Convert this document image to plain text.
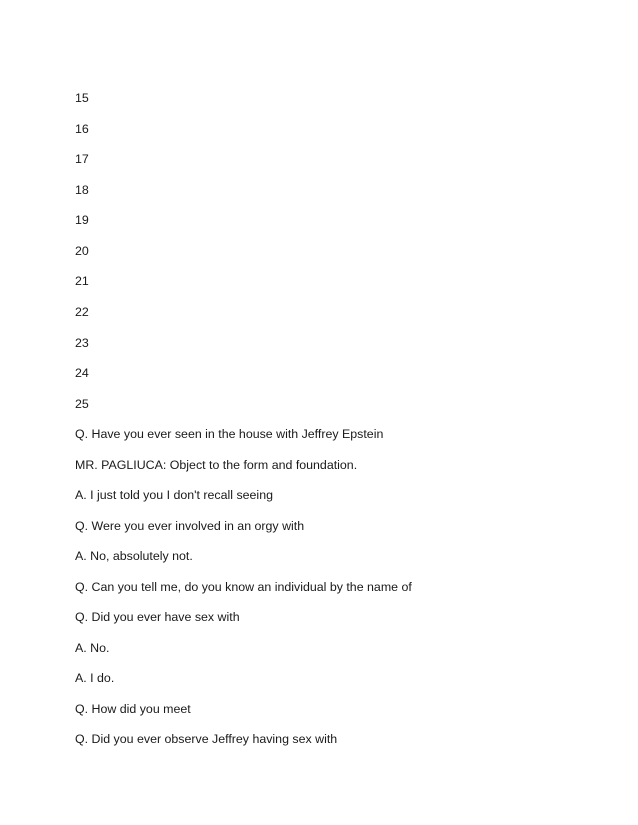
15
16
17
18
19
20
21
22
23
24
25
Q. Have you ever seen in the house with Jeffrey Epstein
MR. PAGLIUCA: Object to the form and foundation.
A. I just told you I don't recall seeing
Q. Were you ever involved in an orgy with
A. No, absolutely not.
Q. Can you tell me, do you know an individual by the name of
Q. Did you ever have sex with
A. No.
A. I do.
Q. How did you meet
Q. Did you ever observe Jeffrey having sex with
